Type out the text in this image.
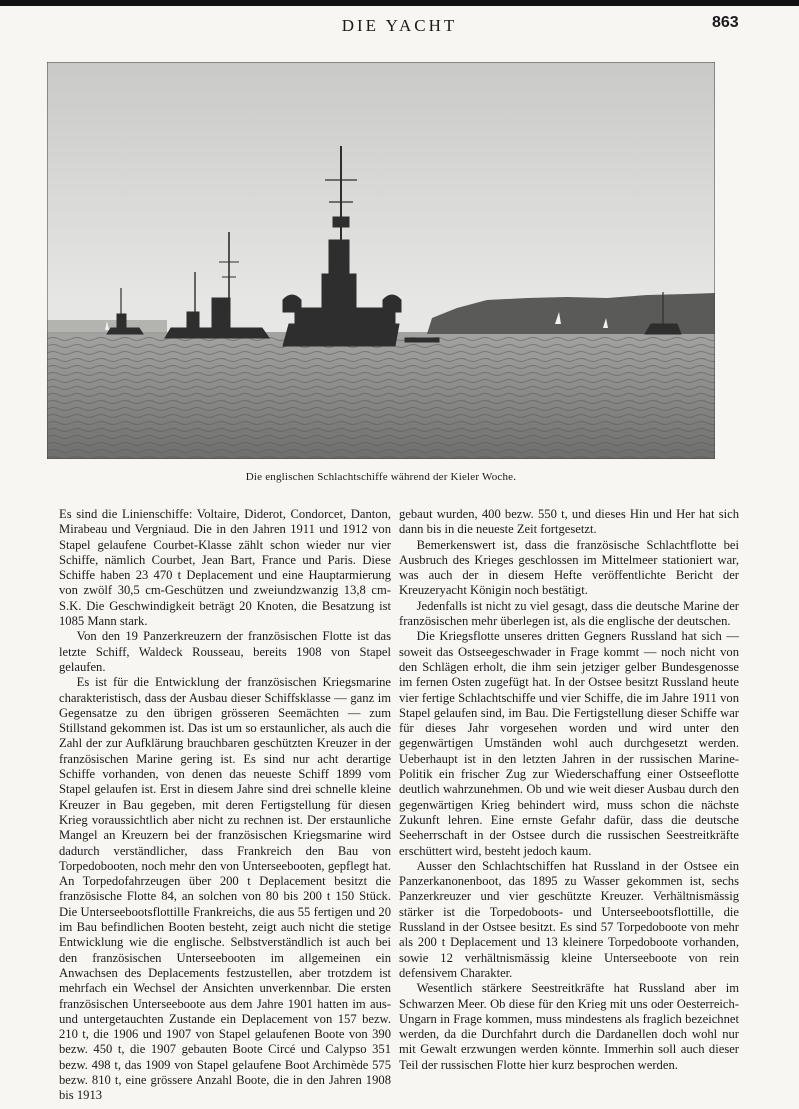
DIE YACHT	863
Die englischen Schlachtschiffe während der Kieler Woche.

Es sind die Linienschiffe: Voltaire, Diderot, Condorcet, Danton, Mirabeau und Vergniaud. Die in den Jahren 1911 und 1912 von Stapel gelaufene Courbet-Klasse zählt schon wieder nur vier Schiffe, nämlich Courbet, Jean Bart, France und Paris. Diese Schiffe haben 23 470 t Deplacement und eine Hauptarmierung von zwölf 30,5 cm-Geschützen und zweiundzwanzig 13,8 cm-S.K. Die Geschwindigkeit beträgt 20 Knoten, die Besatzung ist 1085 Mann stark.

Von den 19 Panzerkreuzern der französischen Flotte ist das letzte Schiff, Waldeck Rousseau, bereits 1908 von Stapel gelaufen.

Es ist für die Entwicklung der französischen Kriegsmarine charakteristisch, dass der Ausbau dieser Schiffsklasse — ganz im Gegensatze zu den übrigen grösseren Seemächten — zum Stillstand gekommen ist. Das ist um so erstaunlicher, als auch die Zahl der zur Aufklärung brauchbaren geschützten Kreuzer in der französischen Marine gering ist. Es sind nur acht derartige Schiffe vorhanden, von denen das neueste Schiff 1899 vom Stapel gelaufen ist. Erst in diesem Jahre sind drei schnelle kleine Kreuzer in Bau gegeben, mit deren Fertigstellung für diesen Krieg voraussichtlich aber nicht zu rechnen ist. Der erstaunliche Mangel an Kreuzern bei der französischen Kriegsmarine wird dadurch verständlicher, dass Frankreich den Bau von Torpedobooten, noch mehr den von Unterseebooten, gepflegt hat. An Torpedofahrzeugen über 200 t Deplacement besitzt die französische Flotte 84, an solchen von 80 bis 200 t 150 Stück. Die Unterseebootsflottille Frankreichs, die aus 55 fertigen und 20 im Bau befindlichen Booten besteht, zeigt auch nicht die stetige Entwicklung wie die englische. Selbstverständlich ist auch bei den französischen Unterseebooten im allgemeinen ein Anwachsen des Deplacements festzustellen, aber trotzdem ist mehrfach ein Wechsel der Ansichten unverkennbar. Die ersten französischen Unterseeboote aus dem Jahre 1901 hatten im aus- und untergetauchten Zustande ein Deplacement von 157 bezw. 210 t, die 1906 und 1907 von Stapel gelaufenen Boote von 390 bezw. 450 t, die 1907 gebauten Boote Circé und Calypso 351 bezw. 498 t, das 1909 von Stapel gelaufene Boot Archimède 575 bezw. 810 t, eine grössere Anzahl Boote, die in den Jahren 1908 bis 1913

gebaut wurden, 400 bezw. 550 t, und dieses Hin und Her hat sich dann bis in die neueste Zeit fortgesetzt.

Bemerkenswert ist, dass die französische Schlachtflotte bei Ausbruch des Krieges geschlossen im Mittelmeer stationiert war, was auch der in diesem Hefte veröffentlichte Bericht der Kreuzeryacht Königin noch bestätigt.

Jedenfalls ist nicht zu viel gesagt, dass die deutsche Marine der französischen mehr überlegen ist, als die englische der deutschen.

Die Kriegsflotte unseres dritten Gegners Russland hat sich — soweit das Ostseegeschwader in Frage kommt — noch nicht von den Schlägen erholt, die ihm sein jetziger gelber Bundesgenosse im fernen Osten zugefügt hat. In der Ostsee besitzt Russland heute vier fertige Schlachtschiffe und vier Schiffe, die im Jahre 1911 von Stapel gelaufen sind, im Bau. Die Fertigstellung dieser Schiffe war für dieses Jahr vorgesehen worden und wird unter den gegenwärtigen Umständen wohl auch durchgesetzt werden. Ueberhaupt ist in den letzten Jahren in der russischen Marine-Politik ein frischer Zug zur Wiederschaffung einer Ostseeflotte deutlich wahrzunehmen. Ob und wie weit dieser Ausbau durch den gegenwärtigen Krieg behindert wird, muss schon die nächste Zukunft lehren. Eine ernste Gefahr dafür, dass die deutsche Seeherrschaft in der Ostsee durch die russischen Seestreitkräfte erschüttert wird, besteht jedoch kaum.

Ausser den Schlachtschiffen hat Russland in der Ostsee ein Panzerkanonenboot, das 1895 zu Wasser gekommen ist, sechs Panzerkreuzer und vier geschützte Kreuzer. Verhältnismässig stärker ist die Torpedoboots- und Unterseebootsflottille, die Russland in der Ostsee besitzt. Es sind 57 Torpedoboote von mehr als 200 t Deplacement und 13 kleinere Torpedoboote vorhanden, sowie 12 verhältnismässig kleine Unterseeboote von rein defensivem Charakter.

Wesentlich stärkere Seestreitkräfte hat Russland aber im Schwarzen Meer. Ob diese für den Krieg mit uns oder Oesterreich-Ungarn in Frage kommen, muss mindestens als fraglich bezeichnet werden, da die Durchfahrt durch die Dardanellen doch wohl nur mit Gewalt erzwungen werden könnte. Immerhin soll auch dieser Teil der russischen Flotte hier kurz besprochen werden.
